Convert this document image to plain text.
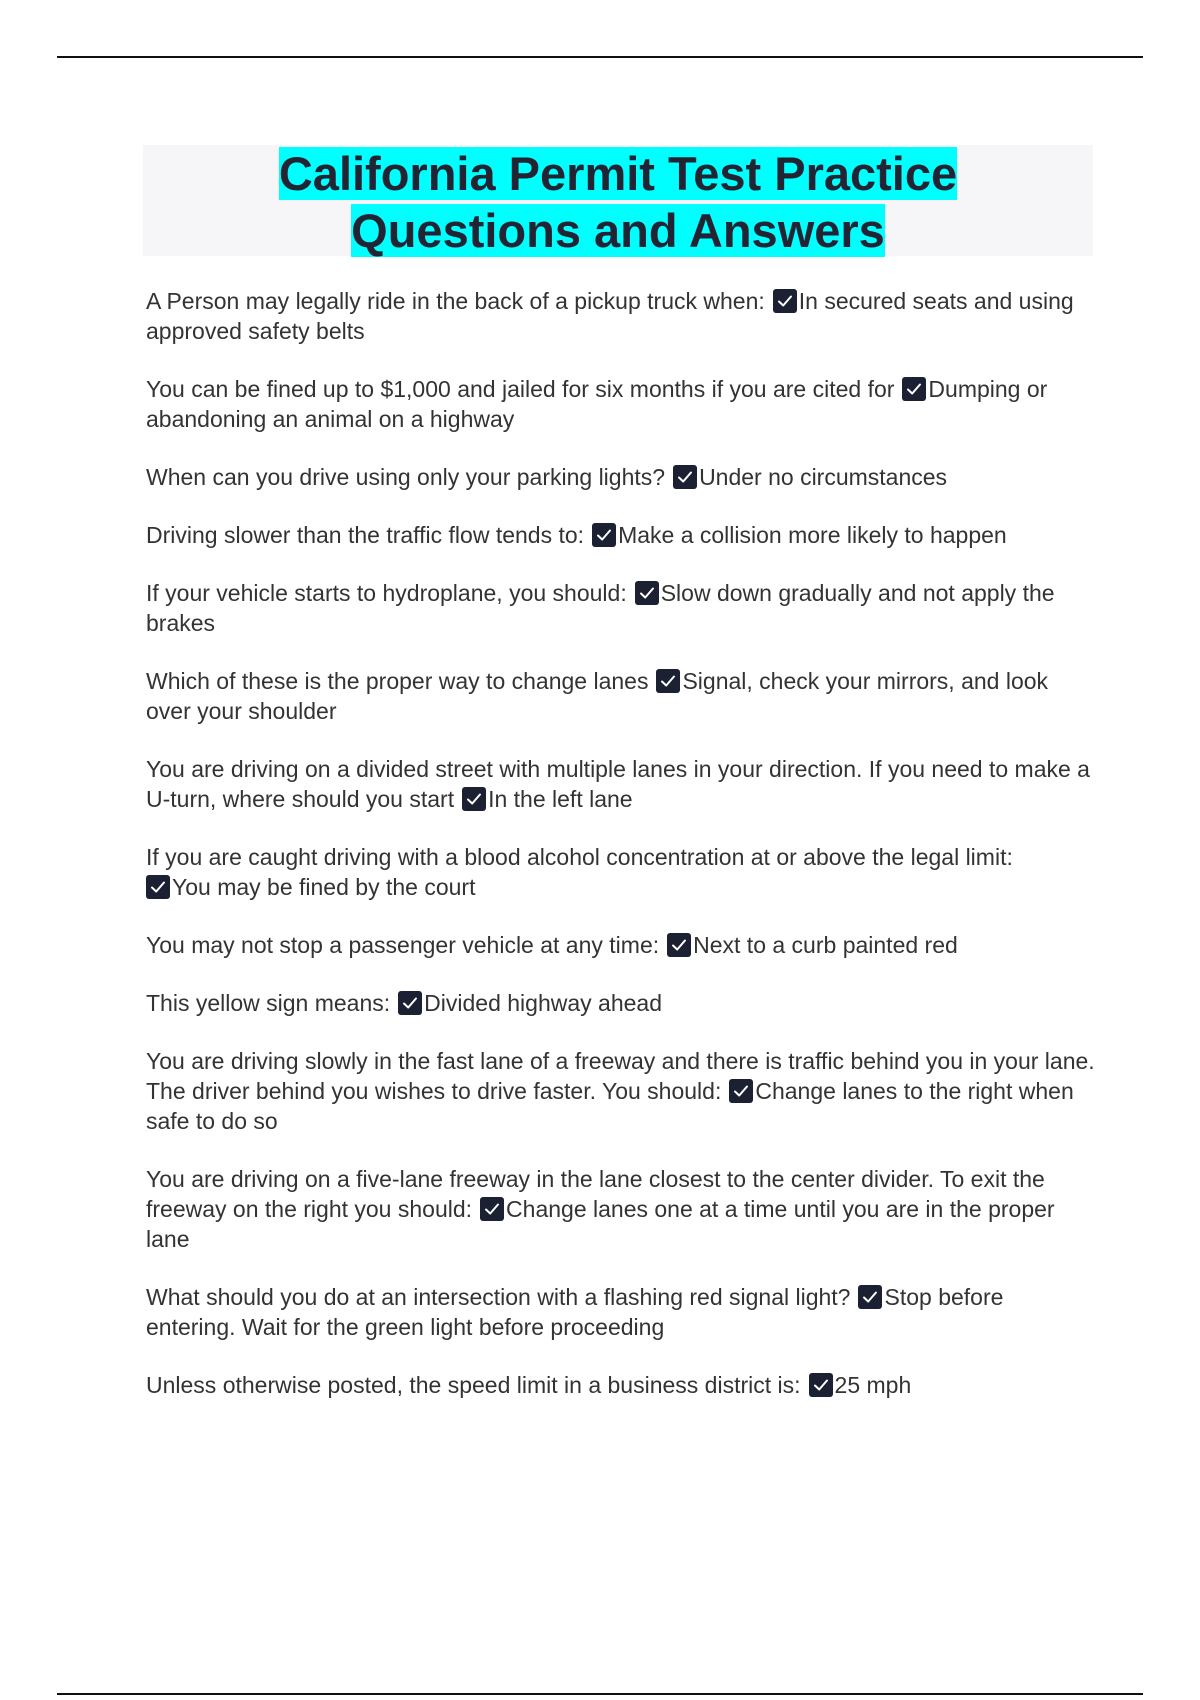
California Permit Test Practice
Questions and Answers
A Person may legally ride in the back of a pickup truck when: In secured seats and using approved safety belts
You can be fined up to $1,000 and jailed for six months if you are cited for Dumping or abandoning an animal on a highway
When can you drive using only your parking lights? Under no circumstances
Driving slower than the traffic flow tends to: Make a collision more likely to happen
If your vehicle starts to hydroplane, you should: Slow down gradually and not apply the brakes
Which of these is the proper way to change lanes Signal, check your mirrors, and look over your shoulder
You are driving on a divided street with multiple lanes in your direction. If you need to make a U-turn, where should you start In the left lane
If you are caught driving with a blood alcohol concentration at or above the legal limit:

You may be fined by the court
You may not stop a passenger vehicle at any time: Next to a curb painted red
This yellow sign means: Divided highway ahead
You are driving slowly in the fast lane of a freeway and there is traffic behind you in your lane. The driver behind you wishes to drive faster. You should: Change lanes to the right when safe to do so
You are driving on a five-lane freeway in the lane closest to the center divider. To exit the freeway on the right you should: Change lanes one at a time until you are in the proper lane
What should you do at an intersection with a flashing red signal light? Stop before entering. Wait for the green light before proceeding
Unless otherwise posted, the speed limit in a business district is: 25 mph
